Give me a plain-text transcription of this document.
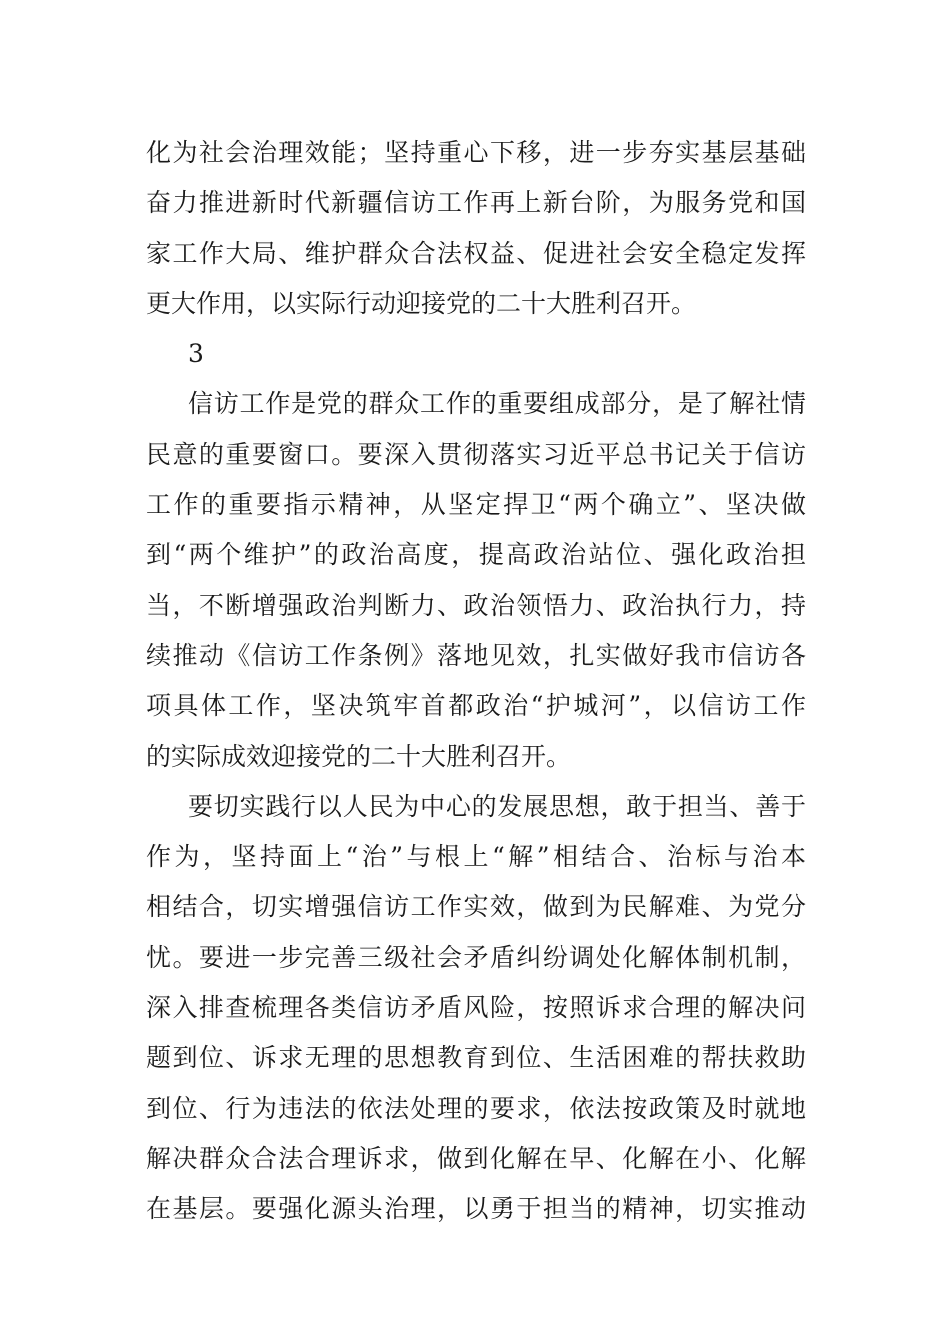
化为社会治理效能；坚持重心下移，进一步夯实基层基础
奋力推进新时代新疆信访工作再上新台阶，为服务党和国
家工作大局、维护群众合法权益、促进社会安全稳定发挥
更大作用，以实际行动迎接党的二十大胜利召开。
3
信访工作是党的群众工作的重要组成部分，是了解社情
民意的重要窗口。要深入贯彻落实习近平总书记关于信访
工作的重要指示精神，从坚定捍卫“两个确立”、坚决做
到“两个维护”的政治高度，提高政治站位、强化政治担
当，不断增强政治判断力、政治领悟力、政治执行力，持
续推动《信访工作条例》落地见效，扎实做好我市信访各
项具体工作，坚决筑牢首都政治“护城河”，以信访工作
的实际成效迎接党的二十大胜利召开。
要切实践行以人民为中心的发展思想，敢于担当、善于
作为，坚持面上“治”与根上“解”相结合、治标与治本
相结合，切实增强信访工作实效，做到为民解难、为党分
忧。要进一步完善三级社会矛盾纠纷调处化解体制机制，
深入排查梳理各类信访矛盾风险，按照诉求合理的解决问
题到位、诉求无理的思想教育到位、生活困难的帮扶救助
到位、行为违法的依法处理的要求，依法按政策及时就地
解决群众合法合理诉求，做到化解在早、化解在小、化解
在基层。要强化源头治理，以勇于担当的精神，切实推动
